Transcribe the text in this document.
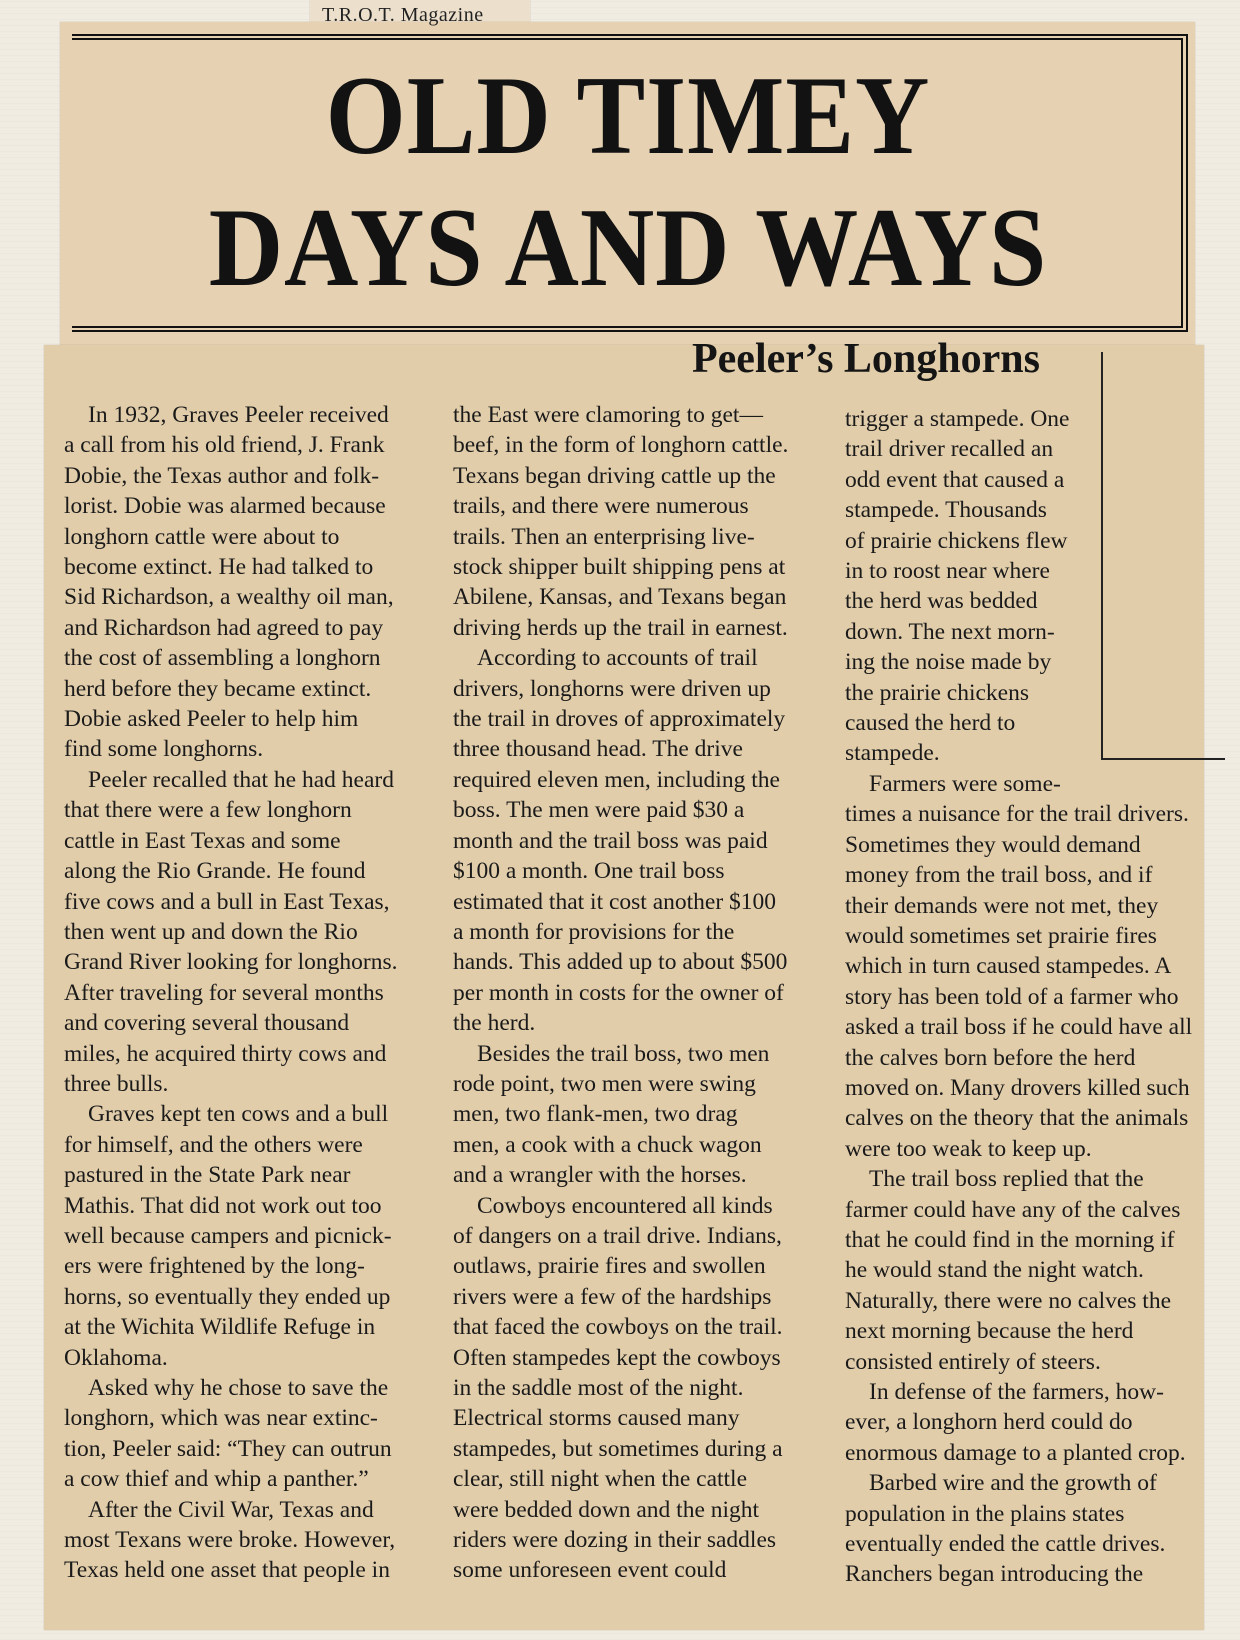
T.R.O.T. Magazine
OLD TIMEY
DAYS AND WAYS
Peeler’s Longhorns
In 1932, Graves Peeler received
a call from his old friend, J. Frank
Dobie, the Texas author and folk-
lorist. Dobie was alarmed because
longhorn cattle were about to
become extinct. He had talked to
Sid Richardson, a wealthy oil man,
and Richardson had agreed to pay
the cost of assembling a longhorn
herd before they became extinct.
Dobie asked Peeler to help him
find some longhorns.
Peeler recalled that he had heard
that there were a few longhorn
cattle in East Texas and some
along the Rio Grande. He found
five cows and a bull in East Texas,
then went up and down the Rio
Grand River looking for longhorns.
After traveling for several months
and covering several thousand
miles, he acquired thirty cows and
three bulls.
Graves kept ten cows and a bull
for himself, and the others were
pastured in the State Park near
Mathis. That did not work out too
well because campers and picnick-
ers were frightened by the long-
horns, so eventually they ended up
at the Wichita Wildlife Refuge in
Oklahoma.
Asked why he chose to save the
longhorn, which was near extinc-
tion, Peeler said: “They can outrun
a cow thief and whip a panther.”
After the Civil War, Texas and
most Texans were broke. However,
Texas held one asset that people in
the East were clamoring to get—
beef, in the form of longhorn cattle.
Texans began driving cattle up the
trails, and there were numerous
trails. Then an enterprising live-
stock shipper built shipping pens at
Abilene, Kansas, and Texans began
driving herds up the trail in earnest.
According to accounts of trail
drivers, longhorns were driven up
the trail in droves of approximately
three thousand head. The drive
required eleven men, including the
boss. The men were paid $30 a
month and the trail boss was paid
$100 a month. One trail boss
estimated that it cost another $100
a month for provisions for the
hands. This added up to about $500
per month in costs for the owner of
the herd.
Besides the trail boss, two men
rode point, two men were swing
men, two flank-men, two drag
men, a cook with a chuck wagon
and a wrangler with the horses.
Cowboys encountered all kinds
of dangers on a trail drive. Indians,
outlaws, prairie fires and swollen
rivers were a few of the hardships
that faced the cowboys on the trail.
Often stampedes kept the cowboys
in the saddle most of the night.
Electrical storms caused many
stampedes, but sometimes during a
clear, still night when the cattle
were bedded down and the night
riders were dozing in their saddles
some unforeseen event could
trigger a stampede. One
trail driver recalled an
odd event that caused a
stampede. Thousands
of prairie chickens flew
in to roost near where
the herd was bedded
down. The next morn-
ing the noise made by
the prairie chickens
caused the herd to
stampede.
Farmers were some-
times a nuisance for the trail drivers.
Sometimes they would demand
money from the trail boss, and if
their demands were not met, they
would sometimes set prairie fires
which in turn caused stampedes. A
story has been told of a farmer who
asked a trail boss if he could have all
the calves born before the herd
moved on. Many drovers killed such
calves on the theory that the animals
were too weak to keep up.
The trail boss replied that the
farmer could have any of the calves
that he could find in the morning if
he would stand the night watch.
Naturally, there were no calves the
next morning because the herd
consisted entirely of steers.
In defense of the farmers, how-
ever, a longhorn herd could do
enormous damage to a planted crop.
Barbed wire and the growth of
population in the plains states
eventually ended the cattle drives.
Ranchers began introducing the
